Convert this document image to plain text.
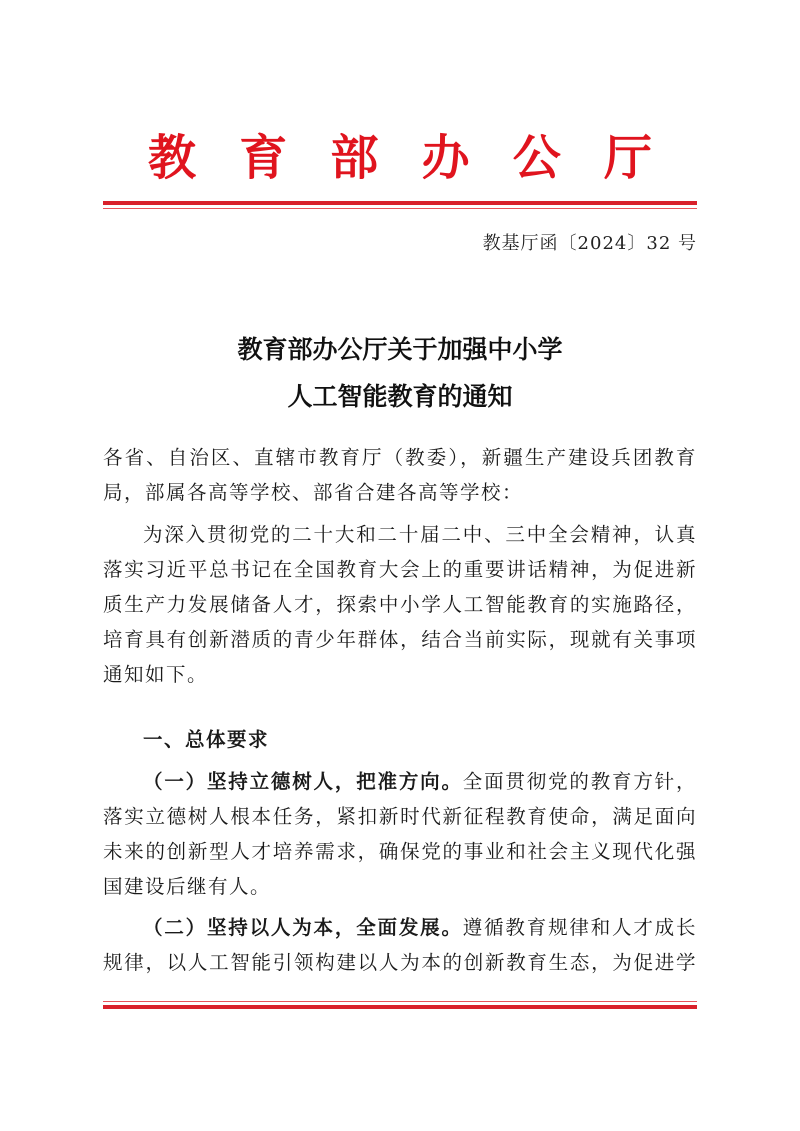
教 育 部 办 公 厅
教基厅函〔2024〕32 号
教育部办公厅关于加强中小学
人工智能教育的通知
各省、自治区、直辖市教育厅（教委），新疆生产建设兵团教育
局，部属各高等学校、部省合建各高等学校：
为深入贯彻党的二十大和二十届二中、三中全会精神，认真
落实习近平总书记在全国教育大会上的重要讲话精神，为促进新
质生产力发展储备人才，探索中小学人工智能教育的实施路径，
培育具有创新潜质的青少年群体，结合当前实际，现就有关事项
通知如下。
一、总体要求
（一）坚持立德树人，把准方向。全面贯彻党的教育方针，
落实立德树人根本任务，紧扣新时代新征程教育使命，满足面向
未来的创新型人才培养需求，确保党的事业和社会主义现代化强
国建设后继有人。
（二）坚持以人为本，全面发展。遵循教育规律和人才成长
规律，以人工智能引领构建以人为本的创新教育生态，为促进学
